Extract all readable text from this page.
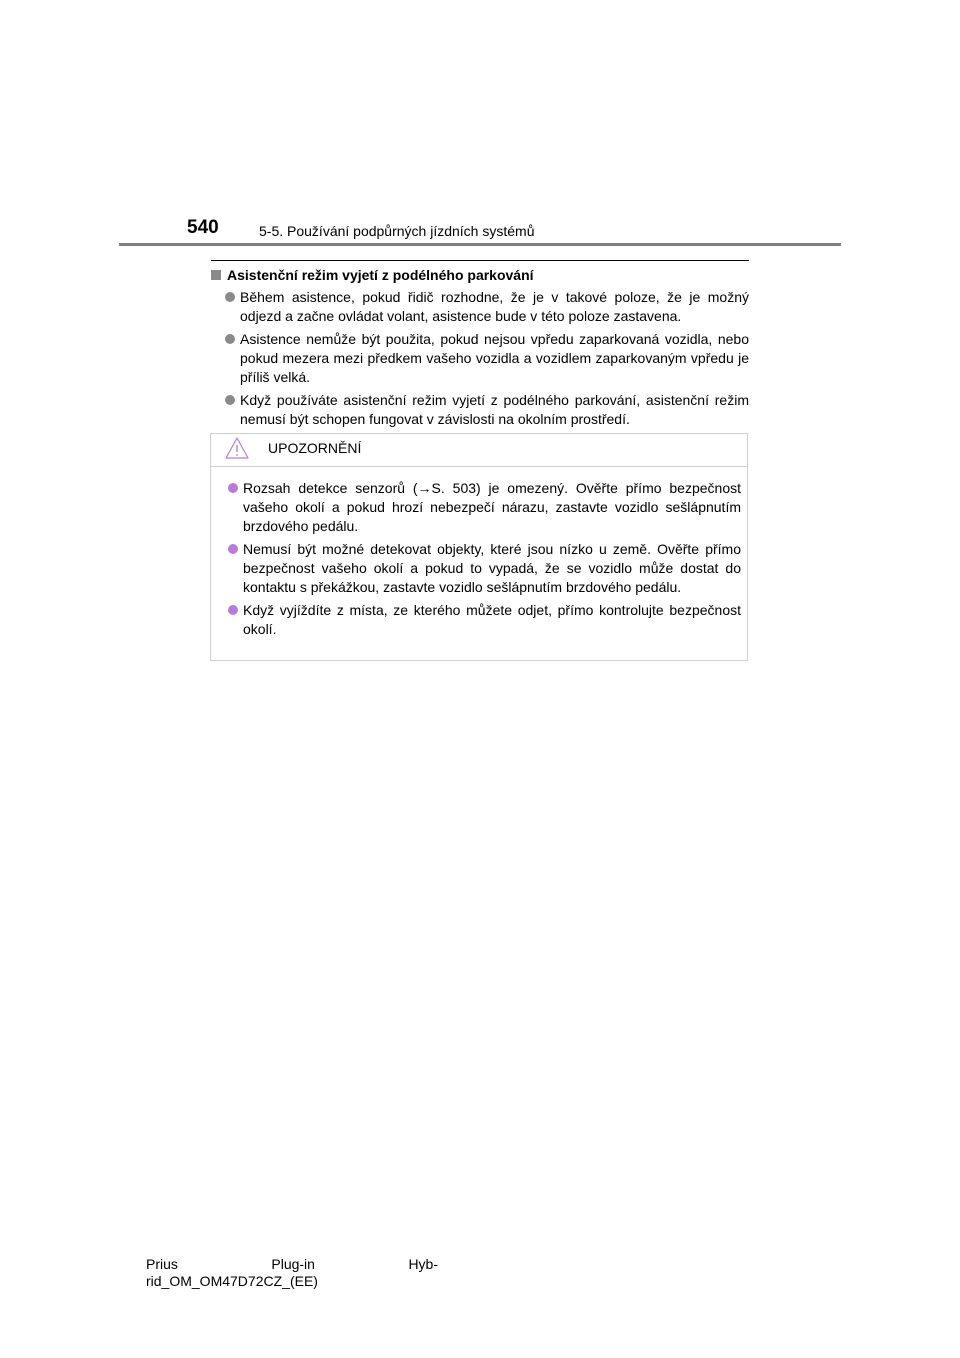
540	5-5. Používání podpůrných jízdních systémů
Asistenční režim vyjetí z podélného parkování
Během asistence, pokud řidič rozhodne, že je v takové poloze, že je možný odjezd a začne ovládat volant, asistence bude v této poloze zastavena.
Asistence nemůže být použita, pokud nejsou vpředu zaparkovaná vozidla, nebo pokud mezera mezi předkem vašeho vozidla a vozidlem zaparkovaným vpředu je příliš velká.
Když používáte asistenční režim vyjetí z podélného parkování, asistenční režim nemusí být schopen fungovat v závislosti na okolním prostředí.
UPOZORNĚNÍ
Rozsah detekce senzorů (→S. 503) je omezený. Ověřte přímo bezpečnost vašeho okolí a pokud hrozí nebezpečí nárazu, zastavte vozidlo sešlápnutím brzdového pedálu.
Nemusí být možné detekovat objekty, které jsou nízko u země. Ověřte přímo bezpečnost vašeho okolí a pokud to vypadá, že se vozidlo může dostat do kontaktu s překážkou, zastavte vozidlo sešlápnutím brzdového pedálu.
Když vyjíždíte z místa, ze kterého můžete odjet, přímo kontrolujte bezpečnost okolí.
Prius	Plug-in	Hyb-
rid_OM_OM47D72CZ_(EE)
